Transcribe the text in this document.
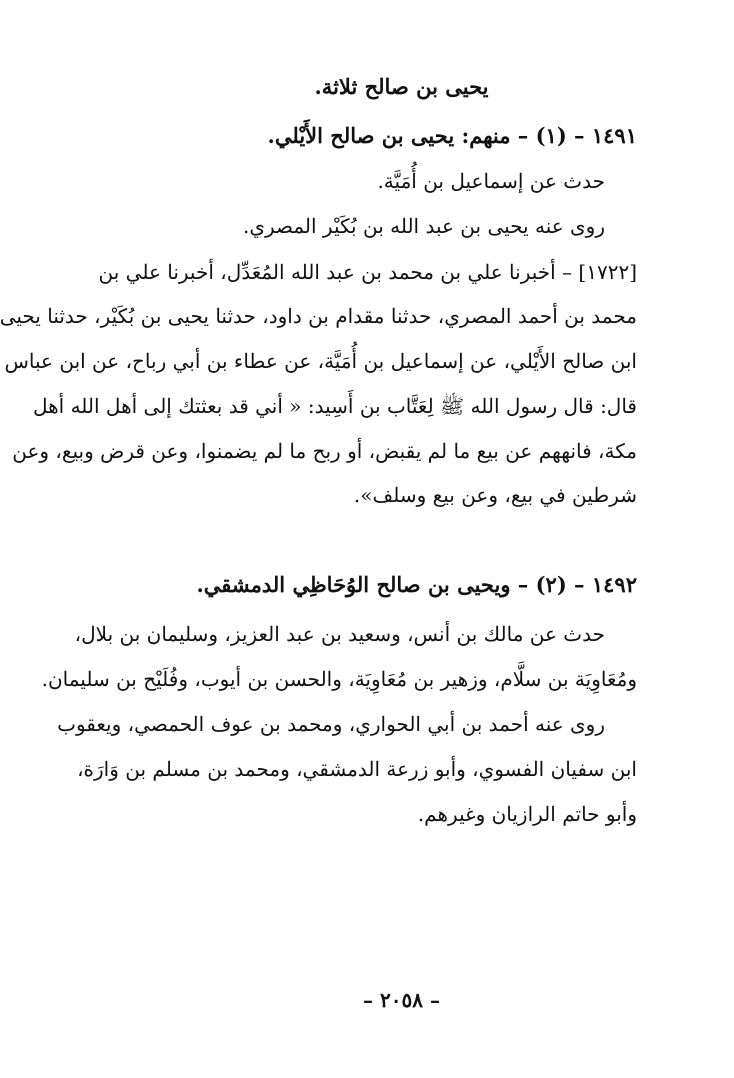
يحيى بن صالح ثلاثة.
١٤٩١ – (١) – منهم: يحيى بن صالح الأَيْلي.
حدث عن إسماعيل بن أُمَيَّة.
روى عنه يحيى بن عبد الله بن بُكَيْر المصري.
[١٧٢٢] – أخبرنا علي بن محمد بن عبد الله المُعَدِّل، أخبرنا علي بن
محمد بن أحمد المصري، حدثنا مقدام بن داود، حدثنا يحيى بن بُكَيْر، حدثنا يحيى
ابن صالح الأَيْلي، عن إسماعيل بن أُمَيَّة، عن عطاء بن أبي رباح، عن ابن عباس
قال: قال رسول الله ﷺ لِعَتَّاب بن أَسِيد: « أني قد بعثتك إلى أهل الله أهل
مكة، فانههم عن بيع ما لم يقبض، أو ربح ما لم يضمنوا، وعن قرض وبيع، وعن
شرطين في بيع، وعن بيع وسلف».
١٤٩٢ – (٢) – ويحيى بن صالح الوُحَاظِي الدمشقي.
حدث عن مالك بن أنس، وسعيد بن عبد العزيز، وسليمان بن بلال،
ومُعَاوِيَة بن سلَّام، وزهير بن مُعَاوِيَة، والحسن بن أيوب، وفُلَيْح بن سليمان.
روى عنه أحمد بن أبي الحواري، ومحمد بن عوف الحمصي، ويعقوب
ابن سفيان الفسوي، وأبو زرعة الدمشقي، ومحمد بن مسلم بن وَارَة،
وأبو حاتم الرازيان وغيرهم.
– ٢٠٥٨ –
